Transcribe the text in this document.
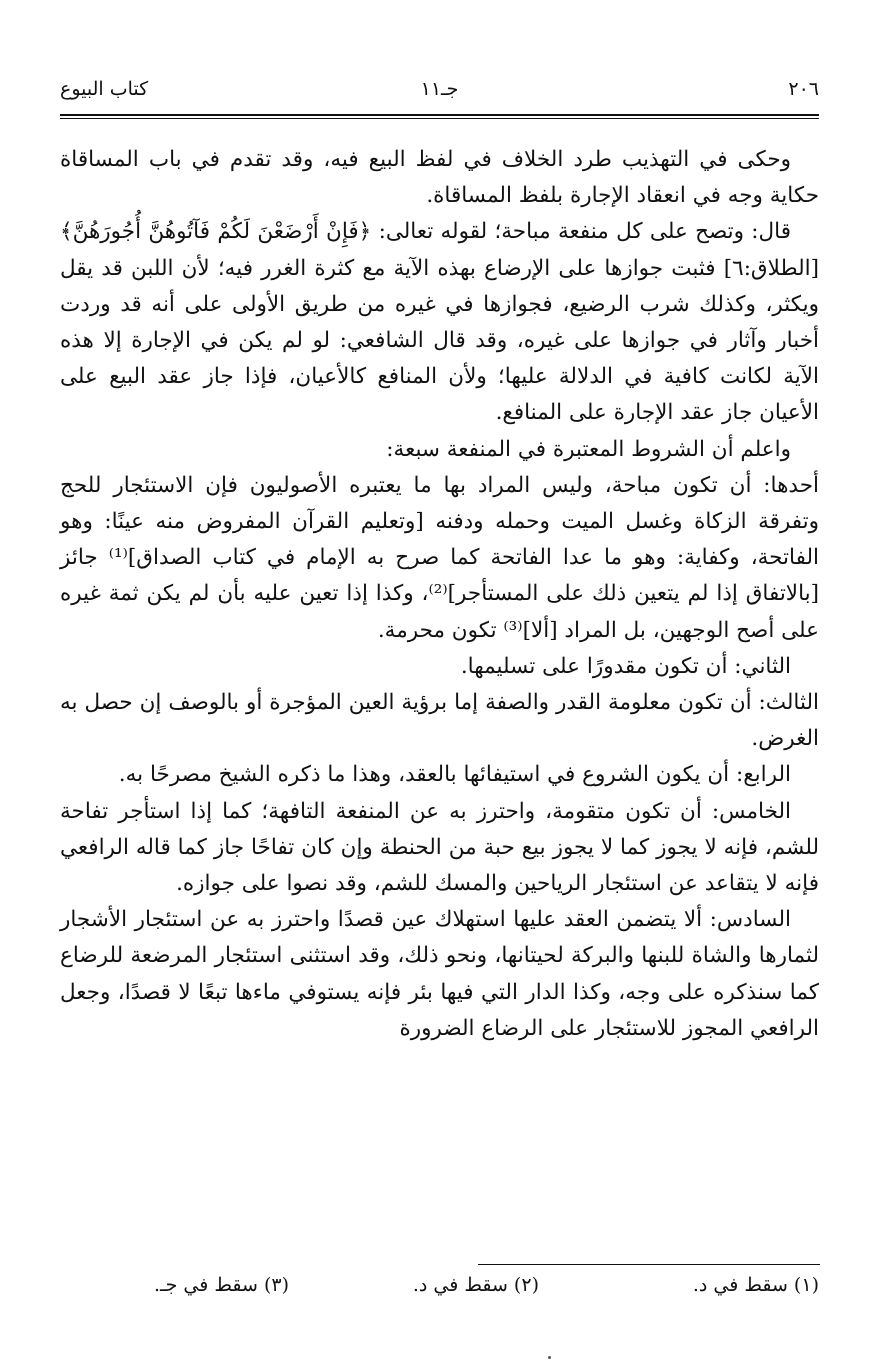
٢٠٦
جـ١١
كتاب البيوع

وحكى في التهذيب طرد الخلاف في لفظ البيع فيه، وقد تقدم في باب المساقاة حكاية وجه في انعقاد الإجارة بلفظ المساقاة.

قال: وتصح على كل منفعة مباحة؛ لقوله تعالى: ﴿فَإِنْ أَرْضَعْنَ لَكُمْ فَآتُوهُنَّ أُجُورَهُنَّ﴾ [الطلاق:٦] فثبت جوازها على الإرضاع بهذه الآية مع كثرة الغرر فيه؛ لأن اللبن قد يقل ويكثر، وكذلك شرب الرضيع، فجوازها في غيره من طريق الأولى على أنه قد وردت أخبار وآثار في جوازها على غيره، وقد قال الشافعي: لو لم يكن في الإجارة إلا هذه الآية لكانت كافية في الدلالة عليها؛ ولأن المنافع كالأعيان، فإذا جاز عقد البيع على الأعيان جاز عقد الإجارة على المنافع.

واعلم أن الشروط المعتبرة في المنفعة سبعة:

أحدها: أن تكون مباحة، وليس المراد بها ما يعتبره الأصوليون فإن الاستئجار للحج وتفرقة الزكاة وغسل الميت وحمله ودفنه [وتعليم القرآن المفروض منه عينًا: وهو الفاتحة، وكفاية: وهو ما عدا الفاتحة كما صرح به الإمام في كتاب الصداق]⁽¹⁾ جائز [بالاتفاق إذا لم يتعين ذلك على المستأجر]⁽²⁾، وكذا إذا تعين عليه بأن لم يكن ثمة غيره على أصح الوجهين، بل المراد [ألا]⁽³⁾ تكون محرمة.

الثاني: أن تكون مقدورًا على تسليمها.

الثالث: أن تكون معلومة القدر والصفة إما برؤية العين المؤجرة أو بالوصف إن حصل به الغرض.

الرابع: أن يكون الشروع في استيفائها بالعقد، وهذا ما ذكره الشيخ مصرحًا به.

الخامس: أن تكون متقومة، واحترز به عن المنفعة التافهة؛ كما إذا استأجر تفاحة للشم، فإنه لا يجوز كما لا يجوز بيع حبة من الحنطة وإن كان تفاحًا جاز كما قاله الرافعي فإنه لا يتقاعد عن استئجار الرياحين والمسك للشم، وقد نصوا على جوازه.

السادس: ألا يتضمن العقد عليها استهلاك عين قصدًا واحترز به عن استئجار الأشجار لثمارها والشاة للبنها والبركة لحيتانها، ونحو ذلك، وقد استثنى استئجار المرضعة للرضاع كما سنذكره على وجه، وكذا الدار التي فيها بئر فإنه يستوفي ماءها تبعًا لا قصدًا، وجعل الرافعي المجوز للاستئجار على الرضاع الضرورة

(١) سقط في د.
(٢) سقط في د.
(٣) سقط في جـ.
